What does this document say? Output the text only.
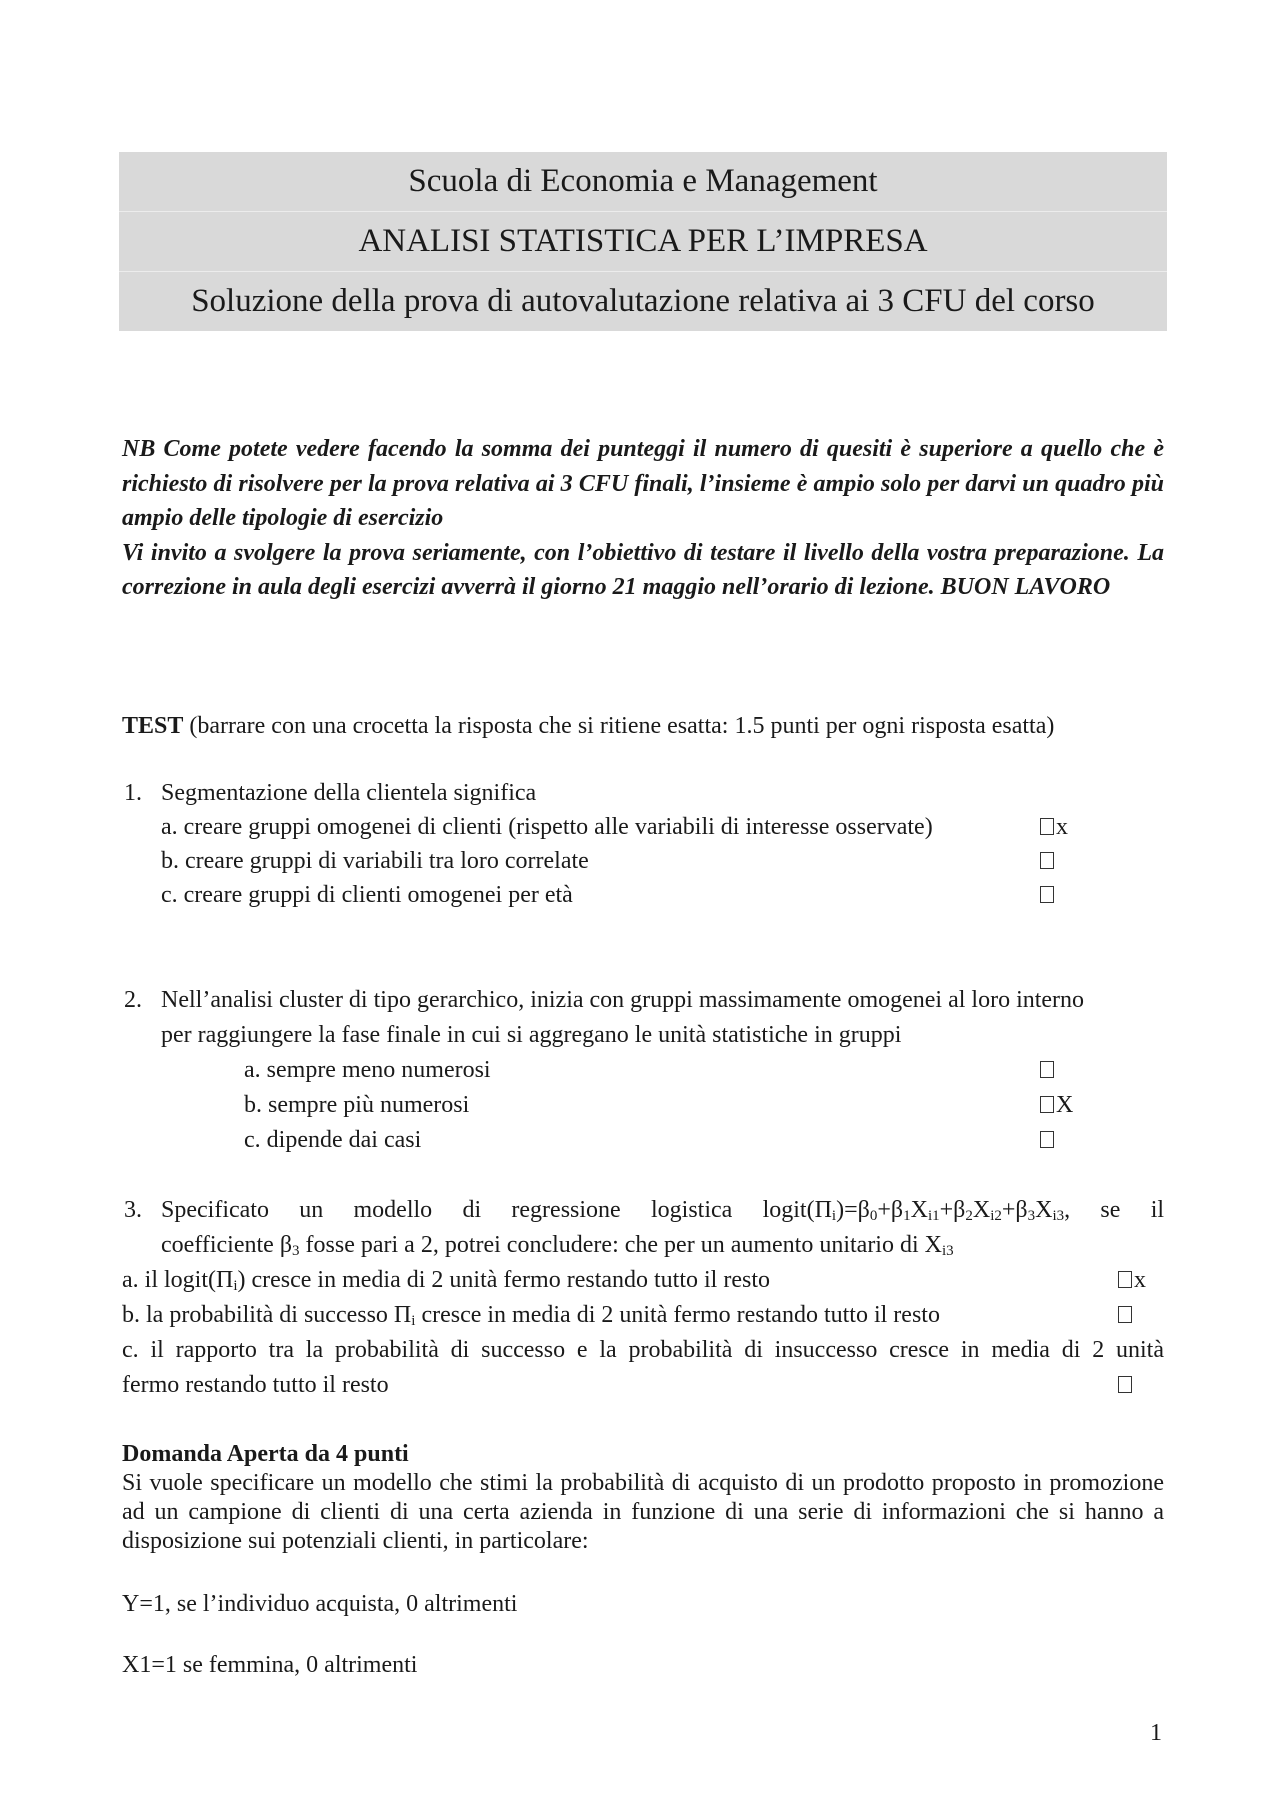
Scuola di Economia e Management
ANALISI STATISTICA PER L’IMPRESA
Soluzione della prova di autovalutazione relativa ai 3 CFU del corso

NB Come potete vedere facendo la somma dei punteggi il numero di quesiti è superiore a quello che è richiesto di risolvere per la prova relativa ai 3 CFU finali, l’insieme è ampio solo per darvi un quadro più ampio delle tipologie di esercizio

Vi invito a svolgere la prova seriamente, con l’obiettivo di testare il livello della vostra preparazione. La correzione in aula degli esercizi avverrà il giorno 21 maggio nell’orario di lezione. BUON LAVORO

TEST (barrare con una crocetta la risposta che si ritiene esatta: 1.5 punti per ogni risposta esatta)
1. Segmentazione della clientela significa
a. creare gruppi omogenei di clienti (rispetto alle variabili di interesse osservate)	x
b. creare gruppi di variabili tra loro correlate
c. creare gruppi di clienti omogenei per età
2. Nell’analisi cluster di tipo gerarchico, inizia con gruppi massimamente omogenei al loro interno
per raggiungere la fase finale in cui si aggregano le unità statistiche in gruppi
a. sempre meno numerosi
b. sempre più numerosi	X
c. dipende dai casi
3. Specificato un modello di regressione logistica $logit(\Pi_i)=\beta_0+\beta_1X_{i1}+\beta_2X_{i2}+\beta_3X_{i3}$, se il
coefficiente $\beta_3$ fosse pari a 2, potrei concludere: che per un aumento unitario di $X_{i3}$
a. il $logit(\Pi_i)$ cresce in media di 2 unità fermo restando tutto il resto	x
b. la probabilità di successo $\Pi_i$ cresce in media di 2 unità fermo restando tutto il resto
c. il rapporto tra la probabilità di successo e la probabilità di insuccesso cresce in media di 2 unità
fermo restando tutto il resto
Domanda Aperta da 4 punti

Si vuole specificare un modello che stimi la probabilità di acquisto di un prodotto proposto in promozione ad un campione di clienti di una certa azienda in funzione di una serie di informazioni che si hanno a disposizione sui potenziali clienti, in particolare:

Y=1, se l’individuo acquista, 0 altrimenti
X1=1 se femmina, 0 altrimenti
1
